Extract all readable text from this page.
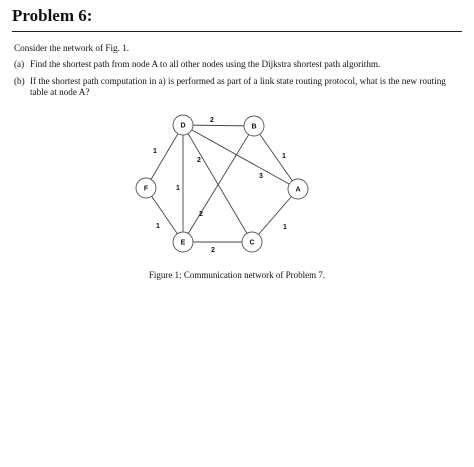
Problem 6:
Consider the network of Fig. 1.
(a) Find the shortest path from node A to all other nodes using the Dijkstra shortest path algorithm.
(b) If the shortest path computation in a) is performed as part of a link state routing protocol, what is the new routing table at node A?
2
1
1
2
1
1
1
2
3
2
D	B
F	A
E	C
Figure 1: Communication network of Problem 7.
